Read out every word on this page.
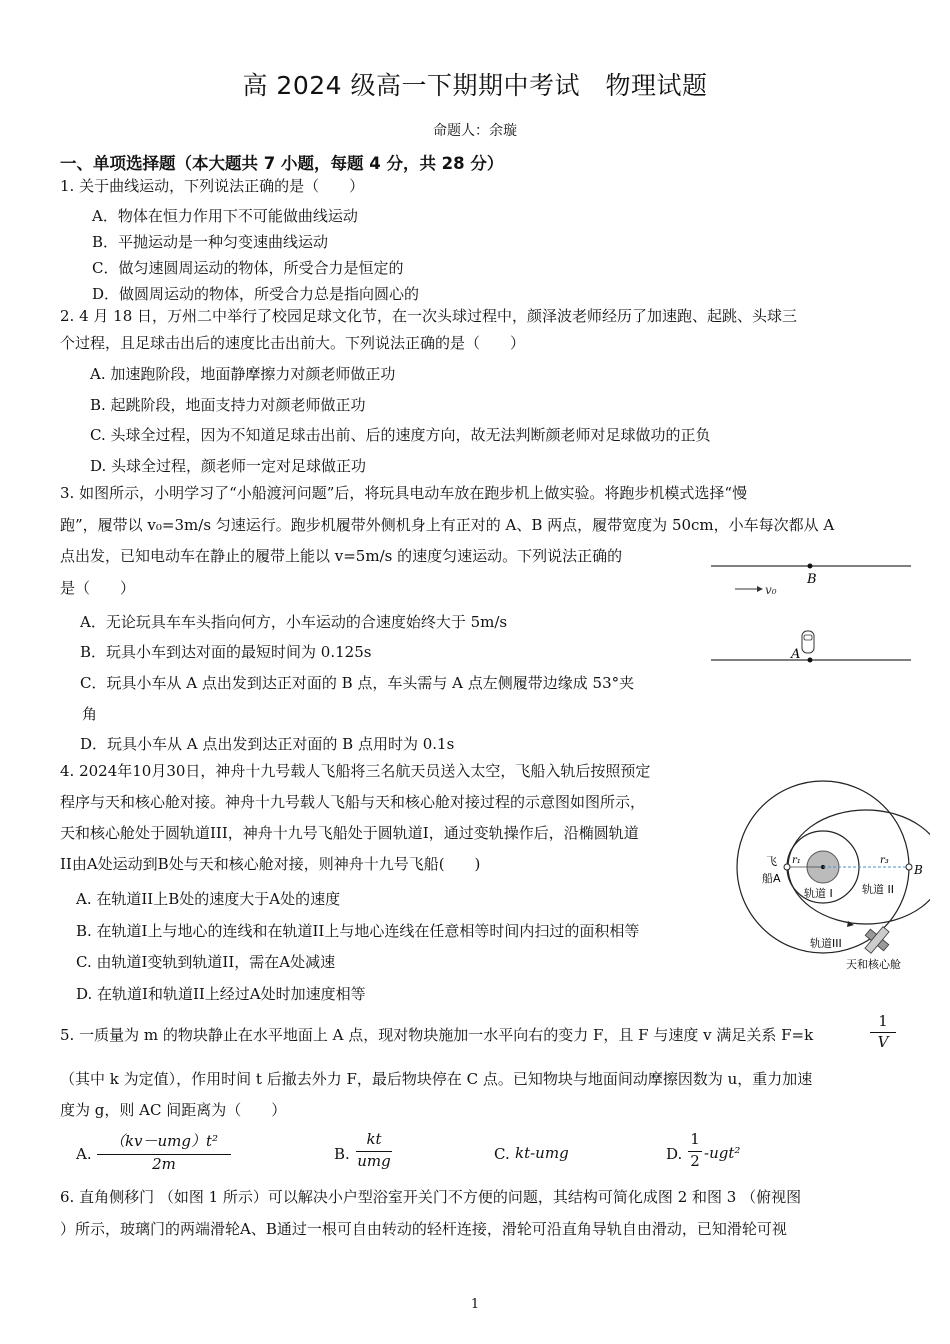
高 2024 级高一下期期中考试　物理试题
命题人：余璇
一、单项选择题（本大题共 7 小题，每题 4 分，共 28 分）
1. 关于曲线运动，下列说法正确的是（　　）
A．物体在恒力作用下不可能做曲线运动
B．平抛运动是一种匀变速曲线运动
C．做匀速圆周运动的物体，所受合力是恒定的
D．做圆周运动的物体，所受合力总是指向圆心的
2. 4 月 18 日，万州二中举行了校园足球文化节，在一次头球过程中，颜泽波老师经历了加速跑、起跳、头球三
个过程，且足球击出后的速度比击出前大。下列说法正确的是（　　）
A. 加速跑阶段，地面静摩擦力对颜老师做正功
B. 起跳阶段，地面支持力对颜老师做正功
C. 头球全过程，因为不知道足球击出前、后的速度方向，故无法判断颜老师对足球做功的正负
D. 头球全过程，颜老师一定对足球做正功
3. 如图所示，小明学习了“小船渡河问题”后，将玩具电动车放在跑步机上做实验。将跑步机模式选择“慢
跑”，履带以 v₀=3m/s 匀速运行。跑步机履带外侧机身上有正对的 A、B 两点，履带宽度为 50cm，小车每次都从 A
点出发，已知电动车在静止的履带上能以 v=5m/s 的速度匀速运动。下列说法正确的
是（　　）
A．无论玩具车车头指向何方，小车运动的合速度始终大于 5m/s
B．玩具小车到达对面的最短时间为 0.125s
C．玩具小车从 A 点出发到达正对面的 B 点，车头需与 A 点左侧履带边缘成 53°夹
角
D．玩具小车从 A 点出发到达正对面的 B 点用时为 0.1s
B
A
v₀
4. 2024年10月30日，神舟十九号载人飞船将三名航天员送入太空，飞船入轨后按照预定
程序与天和核心舱对接。神舟十九号载人飞船与天和核心舱对接过程的示意图如图所示，
天和核心舱处于圆轨道III，神舟十九号飞船处于圆轨道I，通过变轨操作后，沿椭圆轨道
II由A处运动到B处与天和核心舱对接，则神舟十九号飞船(　　)
A. 在轨道II上B处的速度大于A处的速度
B. 在轨道I上与地心的连线和在轨道II上与地心连线在任意相等时间内扫过的面积相等
C. 由轨道I变轨到轨道II，需在A处减速
D. 在轨道I和轨道II上经过A处时加速度相等
飞
船A
r₁	r₃
B
轨道 I	轨道 II
轨道III
天和核心舱
5. 一质量为 m 的物块静止在水平地面上 A 点，现对物块施加一水平向右的变力 F，且 F 与速度 v 满足关系 F=k	$\frac{1}{V}$
（其中 k 为定值），作用时间 t 后撤去外力 F，最后物块停在 C 点。已知物块与地面间动摩擦因数为 u，重力加速
度为 g，则 AC 间距离为（　　）
A.
（kv－umg）t²
2m
B.
kt
umg	C. kt-umg	D. $\frac{1}{2} -ugt^2$
6. 直角侧移门 （如图 1 所示）可以解决小户型浴室开关门不方便的问题，其结构可简化成图 2 和图 3 （俯视图
）所示，玻璃门的两端滑轮A、B通过一根可自由转动的轻杆连接，滑轮可沿直角导轨自由滑动，已知滑轮可视
1
